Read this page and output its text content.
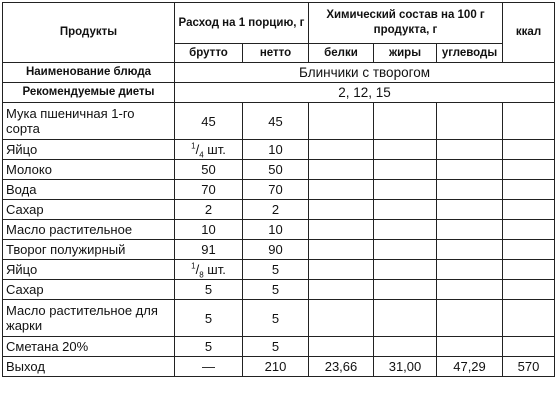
Продукты	Расход на 1 порцию, г		Химический состав на 100 г продукта, г			ккал
	брутто	нетто	белки	жиры	углеводы	
Наименование блюда	Блинчики с творогом					
Рекомендуемые диеты	2, 12, 15					
Мука пшеничная 1-го сорта	45	45				
Яйцо	$^1/_4$ шт.	10				
Молоко	50	50				
Вода	70	70				
Сахар	2	2				
Масло растительное	10	10				
Творог полужирный	91	90				
Яйцо	$^1/_8$ шт.	5				
Сахар	5	5				
Масло растительное для жарки	5	5				
Сметана 20%	5	5				
Выход	—	210	23,66	31,00	47,29	570
